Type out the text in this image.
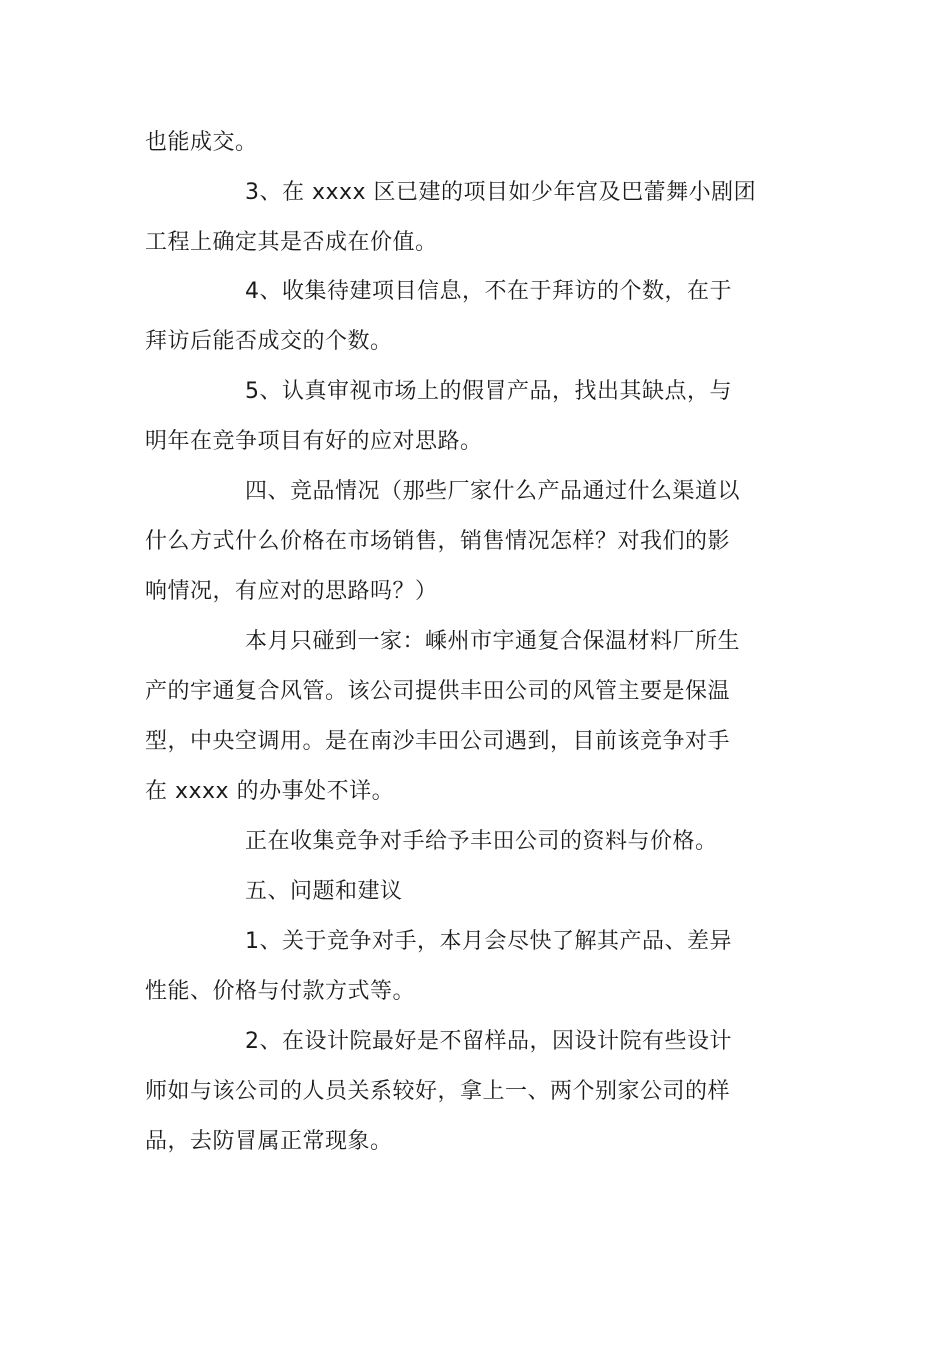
也能成交。
3、在 xxxx 区已建的项目如少年宫及巴蕾舞小剧团
工程上确定其是否成在价值。
4、收集待建项目信息，不在于拜访的个数，在于
拜访后能否成交的个数。
5、认真审视市场上的假冒产品，找出其缺点，与
明年在竞争项目有好的应对思路。
四、竞品情况（那些厂家什么产品通过什么渠道以
什么方式什么价格在市场销售，销售情况怎样？对我们的影
响情况，有应对的思路吗？）
本月只碰到一家：嵊州市宇通复合保温材料厂所生
产的宇通复合风管。该公司提供丰田公司的风管主要是保温
型，中央空调用。是在南沙丰田公司遇到，目前该竞争对手
在 xxxx 的办事处不详。
正在收集竞争对手给予丰田公司的资料与价格。
五、问题和建议
1、关于竞争对手，本月会尽快了解其产品、差异
性能、价格与付款方式等。
2、在设计院最好是不留样品，因设计院有些设计
师如与该公司的人员关系较好，拿上一、两个别家公司的样
品，去防冒属正常现象。
